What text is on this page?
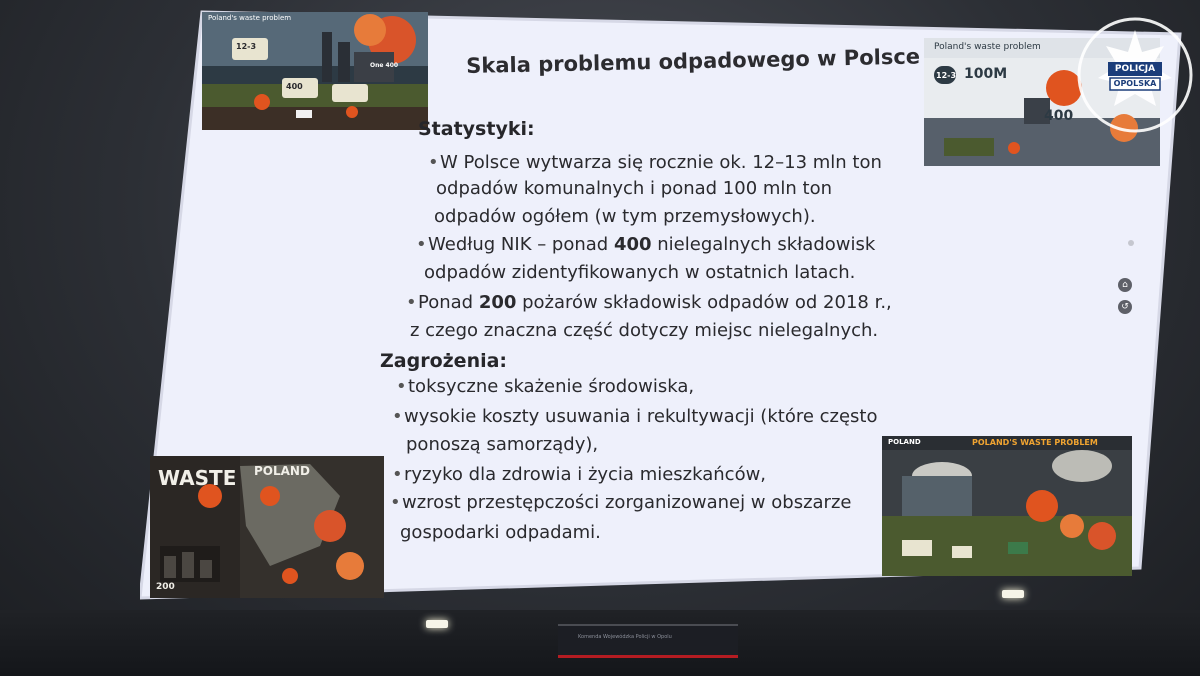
Poland's waste problem
12-3
400
One 400
Poland's waste problem
12-3 100M
400
WASTE POLAND
200
POLAND	POLAND'S WASTE PROBLEM
Skala problemu odpadowego w Polsce
Statystyki:
•W Polsce wytwarza się rocznie ok. 12–13 mln ton
odpadów komunalnych i ponad 100 mln ton
odpadów ogółem (w tym przemysłowych).
•Według NIK – ponad 400 nielegalnych składowisk
odpadów zidentyfikowanych w ostatnich latach.
•Ponad 200 pożarów składowisk odpadów od 2018 r.,
z czego znaczna część dotyczy miejsc nielegalnych.
Zagrożenia:
•toksyczne skażenie środowiska,
•wysokie koszty usuwania i rekultywacji (które często
ponoszą samorządy),
•ryzyko dla zdrowia i życia mieszkańców,
•wzrost przestępczości zorganizowanej w obszarze
gospodarki odpadami.
⌂
↺
POLICJA
OPOLSKA
Komenda Wojewódzka Policji w Opolu
